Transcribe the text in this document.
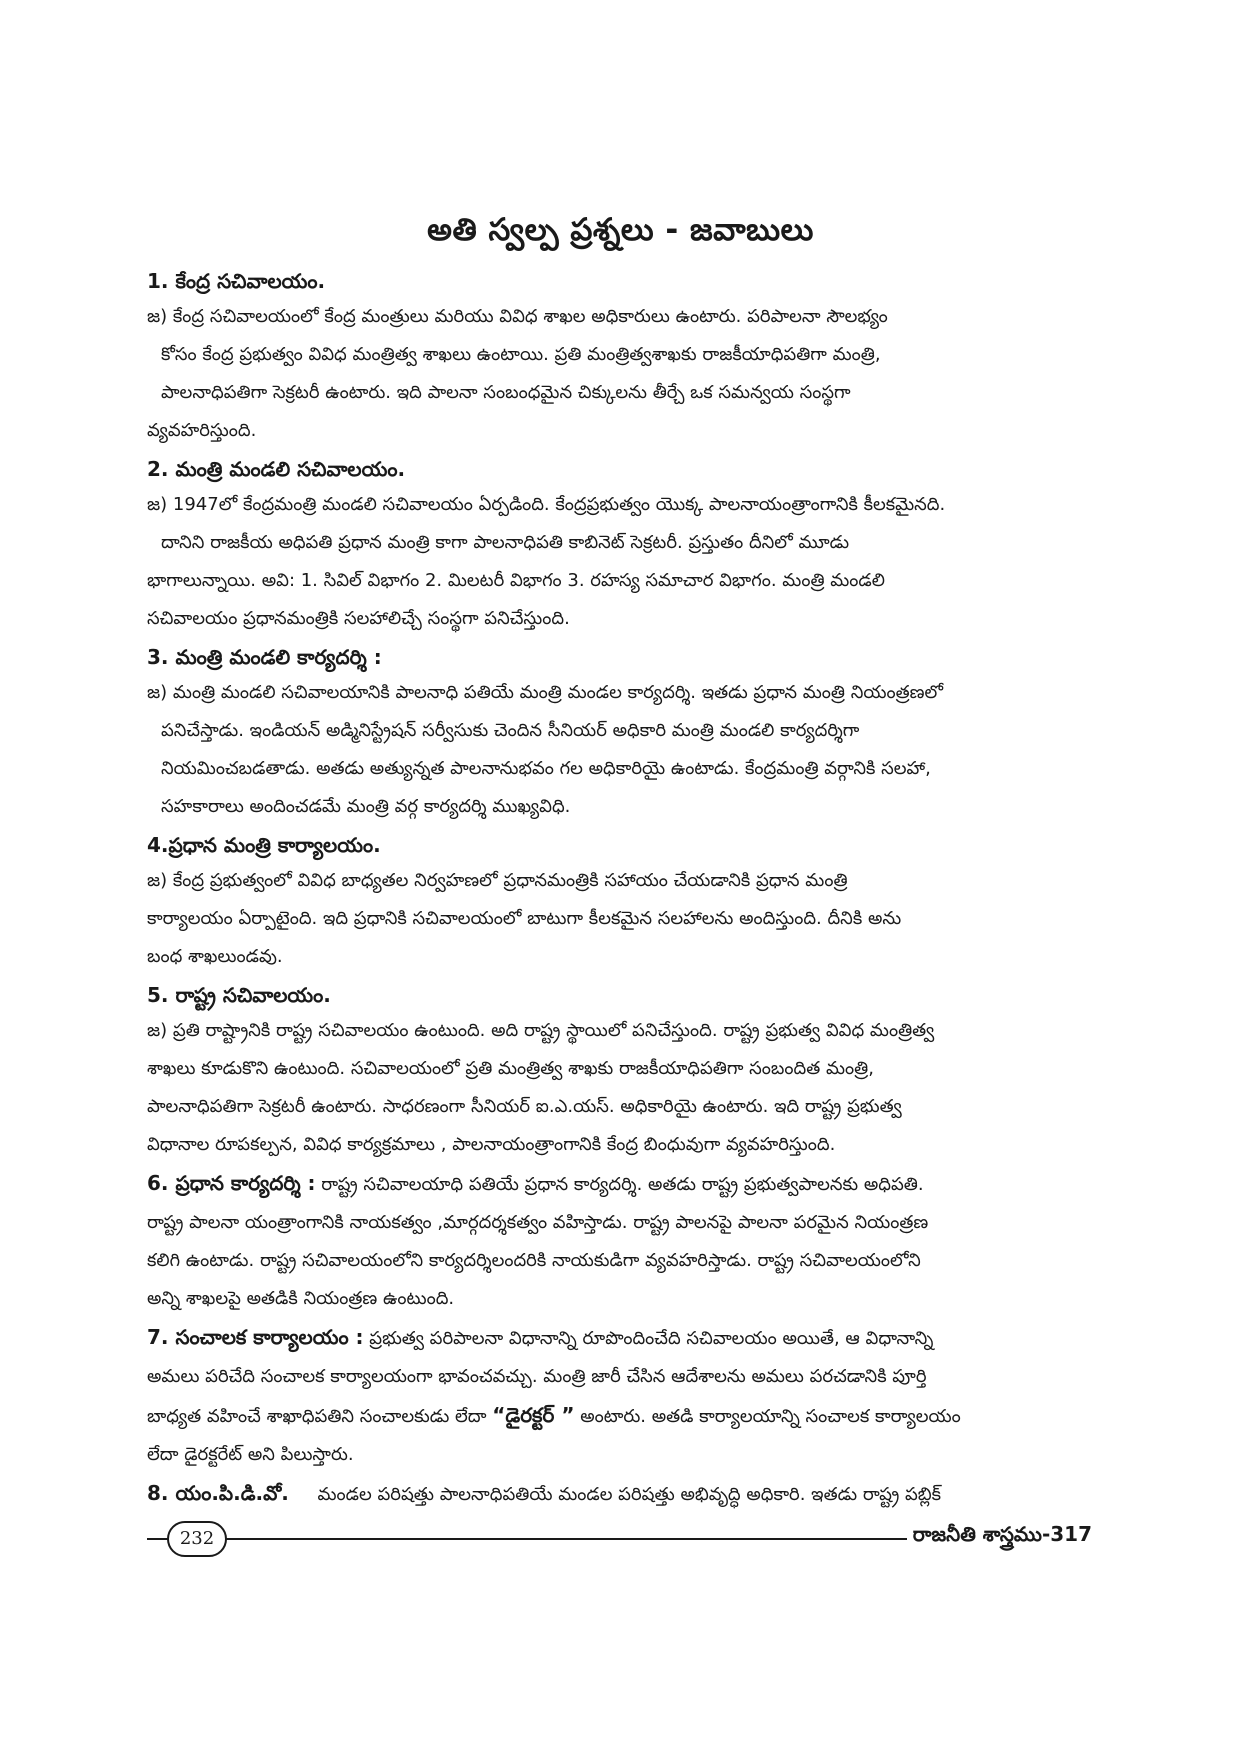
అతి స్వల్ప ప్రశ్నలు - జవాబులు
1. కేంద్ర సచివాలయం.

జ) కేంద్ర సచివాలయంలో కేంద్ర మంత్రులు మరియు వివిధ శాఖల అధికారులు ఉంటారు. పరిపాలనా సౌలభ్యం

కోసం కేంద్ర ప్రభుత్వం వివిధ మంత్రిత్వ శాఖలు ఉంటాయి. ప్రతి మంత్రిత్వశాఖకు రాజకీయాధిపతిగా మంత్రి,

పాలనాధిపతిగా సెక్రటరీ ఉంటారు. ఇది పాలనా సంబంధమైన చిక్కులను తీర్చే ఒక సమన్వయ సంస్థగా

వ్యవహరిస్తుంది.

2. మంత్రి మండలి సచివాలయం.

జ) 1947లో కేంద్రమంత్రి మండలి సచివాలయం ఏర్పడింది. కేంద్రప్రభుత్వం యొక్క పాలనాయంత్రాంగానికి కీలకమైనది.

దానిని రాజకీయ అధిపతి ప్రధాన మంత్రి కాగా పాలనాధిపతి కాబినెట్ సెక్రటరీ. ప్రస్తుతం దీనిలో మూడు

భాగాలున్నాయి. అవి: 1. సివిల్ విభాగం 2. మిలటరీ విభాగం 3. రహస్య సమాచార విభాగం. మంత్రి మండలి

సచివాలయం ప్రధానమంత్రికి సలహాలిచ్చే సంస్థగా పనిచేస్తుంది.

3. మంత్రి మండలి కార్యదర్శి :

జ) మంత్రి మండలి సచివాలయానికి పాలనాధి పతియే మంత్రి మండల కార్యదర్శి. ఇతడు ప్రధాన మంత్రి నియంత్రణలో

పనిచేస్తాడు. ఇండియన్ అడ్మినిస్ట్రేషన్ సర్వీసుకు చెందిన సీనియర్ అధికారి మంత్రి మండలి కార్యదర్శిగా

నియమించబడతాడు. అతడు అత్యున్నత పాలనానుభవం గల అధికారియై ఉంటాడు. కేంద్రమంత్రి వర్గానికి సలహా,

సహకారాలు అందించడమే మంత్రి వర్గ కార్యదర్శి ముఖ్యవిధి.

4.ప్రధాన మంత్రి కార్యాలయం.

జ) కేంద్ర ప్రభుత్వంలో వివిధ బాధ్యతల నిర్వహణలో ప్రధానమంత్రికి సహాయం చేయడానికి ప్రధాన మంత్రి

కార్యాలయం ఏర్పాటైంది. ఇది ప్రధానికి సచివాలయంలో బాటుగా కీలకమైన సలహాలను అందిస్తుంది. దీనికి అను

బంధ శాఖలుండవు.

5. రాష్ట్ర సచివాలయం.

జ) ప్రతి రాష్ట్రానికి రాష్ట్ర సచివాలయం ఉంటుంది. అది రాష్ట్ర స్థాయిలో పనిచేస్తుంది. రాష్ట్ర ప్రభుత్వ వివిధ మంత్రిత్వ

శాఖలు కూడుకొని ఉంటుంది. సచివాలయంలో ప్రతి మంత్రిత్వ శాఖకు రాజకీయాధిపతిగా సంబందిత మంత్రి,

పాలనాధిపతిగా సెక్రటరీ ఉంటారు. సాధరణంగా సీనియర్ ఐ.ఎ.యస్. అధికారియై ఉంటారు. ఇది రాష్ట్ర ప్రభుత్వ

విధానాల రూపకల్పన, వివిధ కార్యక్రమాలు , పాలనాయంత్రాంగానికి కేంద్ర బింధువుగా వ్యవహరిస్తుంది.

6. ప్రధాన కార్యదర్శి : రాష్ట్ర సచివాలయాధి పతియే ప్రధాన కార్యదర్శి. అతడు రాష్ట్ర ప్రభుత్వపాలనకు అధిపతి.

రాష్ట్ర పాలనా యంత్రాంగానికి నాయకత్వం ,మార్గదర్శకత్వం వహిస్తాడు. రాష్ట్ర పాలనపై పాలనా పరమైన నియంత్రణ

కలిగి ఉంటాడు. రాష్ట్ర సచివాలయంలోని కార్యదర్శిలందరికి నాయకుడిగా వ్యవహరిస్తాడు. రాష్ట్ర సచివాలయంలోని

అన్ని శాఖలపై అతడికి నియంత్రణ ఉంటుంది.

7. సంచాలక కార్యాలయం : ప్రభుత్వ పరిపాలనా విధానాన్ని రూపొందించేది సచివాలయం అయితే, ఆ విధానాన్ని

అమలు పరిచేది సంచాలక కార్యాలయంగా భావంచవచ్చు. మంత్రి జారీ చేసిన ఆదేశాలను అమలు పరచడానికి పూర్తి

బాధ్యత వహించే శాఖాధిపతిని సంచాలకుడు లేదా “డైరక్టర్ ” అంటారు. అతడి కార్యాలయాన్ని సంచాలక కార్యాలయం

లేదా డైరక్టరేట్ అని పిలుస్తారు.

8. యం.పి.డి.వో. మండల పరిషత్తు పాలనాధిపతియే మండల పరిషత్తు అభివృద్ధి అధికారి. ఇతడు రాష్ట్ర పబ్లిక్

232	రాజనీతి శాస్త్రము-317
